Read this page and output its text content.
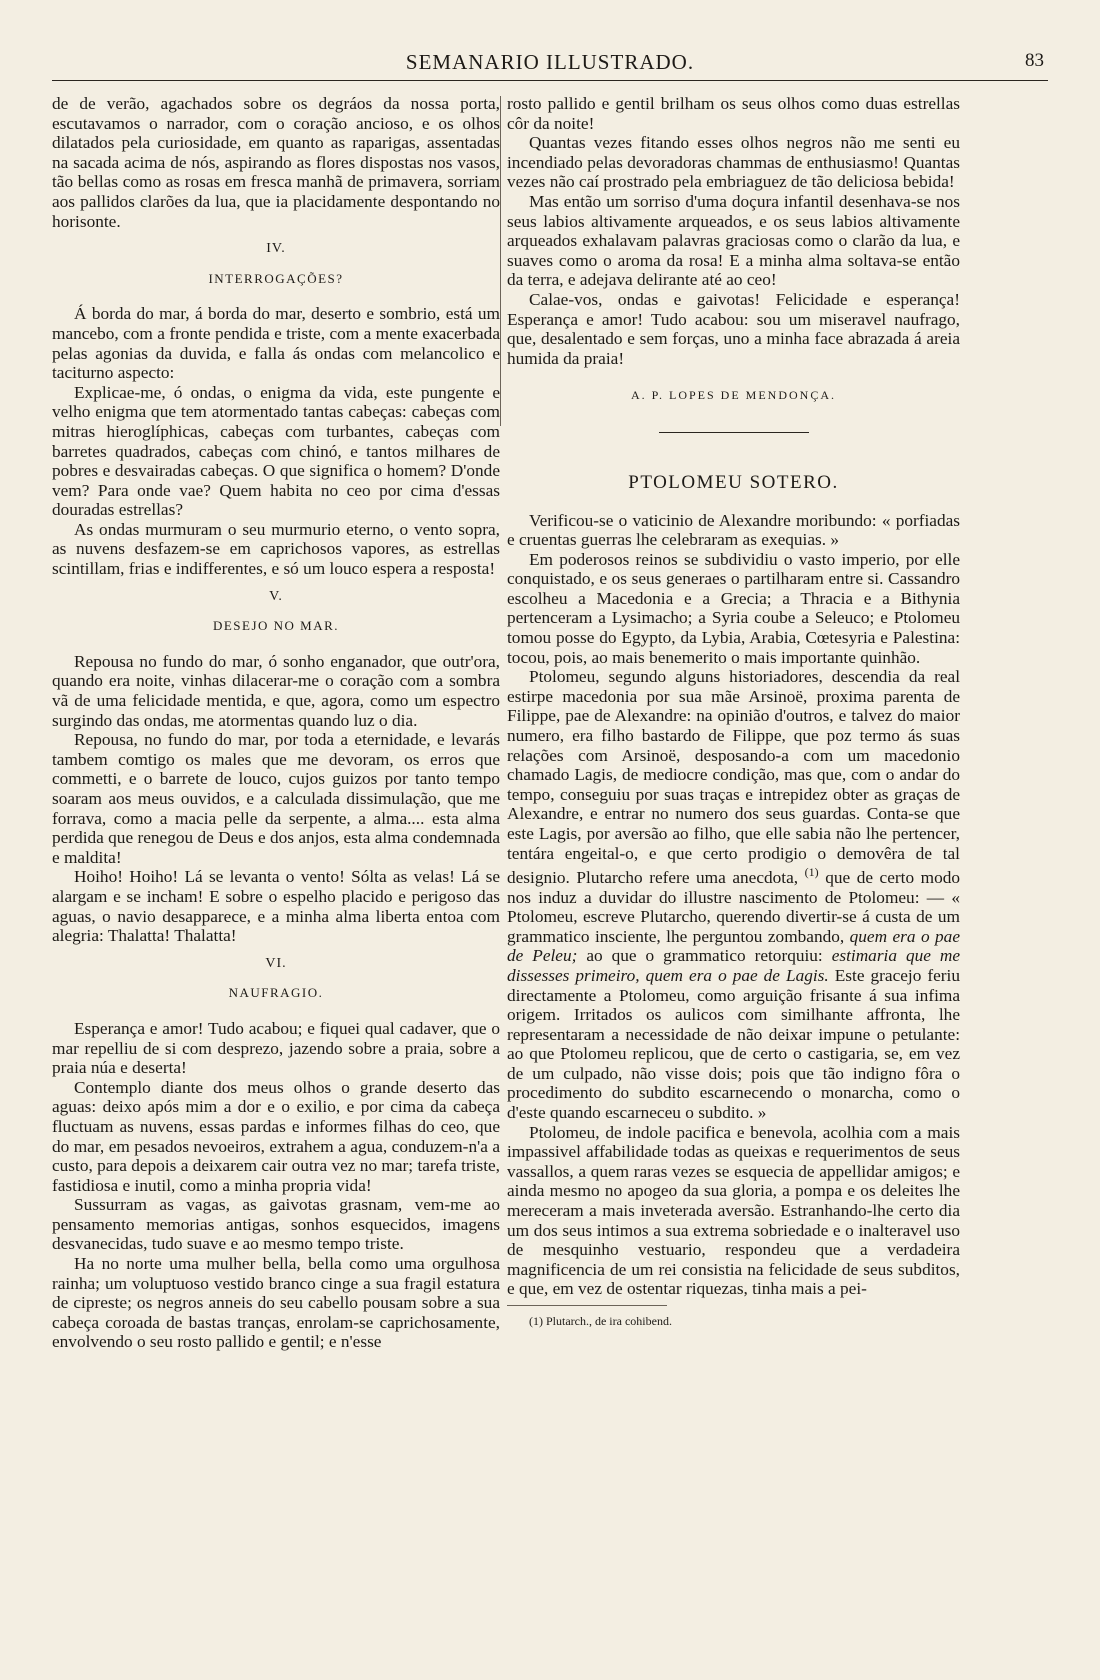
SEMANARIO ILLUSTRADO.	83

de de verão, agachados sobre os degráos da nossa porta, escutavamos o narrador, com o coração ancioso, e os olhos dilatados pela curiosidade, em quanto as raparigas, assentadas na sacada acima de nós, aspirando as flores dispostas nos vasos, tão bellas como as rosas em fresca manhã de primavera, sorriam aos pallidos clarões da lua, que ia placidamente despontando no horisonte.

IV.
INTERROGAÇÕES?

Á borda do mar, á borda do mar, deserto e sombrio, está um mancebo, com a fronte pendida e triste, com a mente exacerbada pelas agonias da duvida, e falla ás ondas com melancolico e taciturno aspecto:

Explicae-me, ó ondas, o enigma da vida, este pungente e velho enigma que tem atormentado tantas cabeças: cabeças com mitras hieroglíphicas, cabeças com turbantes, cabeças com barretes quadrados, cabeças com chinó, e tantos milhares de pobres e desvairadas cabeças. O que significa o homem? D'onde vem? Para onde vae? Quem habita no ceo por cima d'essas douradas estrellas?

As ondas murmuram o seu murmurio eterno, o vento sopra, as nuvens desfazem-se em caprichosos vapores, as estrellas scintillam, frias e indifferentes, e só um louco espera a resposta!

V.
DESEJO NO MAR.

Repousa no fundo do mar, ó sonho enganador, que outr'ora, quando era noite, vinhas dilacerar-me o coração com a sombra vã de uma felicidade mentida, e que, agora, como um espectro surgindo das ondas, me atormentas quando luz o dia.

Repousa, no fundo do mar, por toda a eternidade, e levarás tambem comtigo os males que me devoram, os erros que commetti, e o barrete de louco, cujos guizos por tanto tempo soaram aos meus ouvidos, e a calculada dissimulação, que me forrava, como a macia pelle da serpente, a alma.... esta alma perdida que renegou de Deus e dos anjos, esta alma condemnada e maldita!

Hoiho! Hoiho! Lá se levanta o vento! Sólta as velas! Lá se alargam e se incham! E sobre o espelho placido e perigoso das aguas, o navio desapparece, e a minha alma liberta entoa com alegria: Thalatta! Thalatta!

VI.
NAUFRAGIO.

Esperança e amor! Tudo acabou; e fiquei qual cadaver, que o mar repelliu de si com desprezo, jazendo sobre a praia, sobre a praia núa e deserta!

Contemplo diante dos meus olhos o grande deserto das aguas: deixo após mim a dor e o exilio, e por cima da cabeça fluctuam as nuvens, essas pardas e informes filhas do ceo, que do mar, em pesados nevoeiros, extrahem a agua, conduzem-n'a a custo, para depois a deixarem cair outra vez no mar; tarefa triste, fastidiosa e inutil, como a minha propria vida!

Sussurram as vagas, as gaivotas grasnam, vem-me ao pensamento memorias antigas, sonhos esquecidos, imagens desvanecidas, tudo suave e ao mesmo tempo triste.

Ha no norte uma mulher bella, bella como uma orgulhosa rainha; um voluptuoso vestido branco cinge a sua fragil estatura de cipreste; os negros anneis do seu cabello pousam sobre a sua cabeça coroada de bastas tranças, enrolam-se caprichosamente, envolvendo o seu rosto pallido e gentil; e n'esse

rosto pallido e gentil brilham os seus olhos como duas estrellas côr da noite!

Quantas vezes fitando esses olhos negros não me senti eu incendiado pelas devoradoras chammas de enthusiasmo! Quantas vezes não caí prostrado pela embriaguez de tão deliciosa bebida!

Mas então um sorriso d'uma doçura infantil desenhava-se nos seus labios altivamente arqueados, e os seus labios altivamente arqueados exhalavam palavras graciosas como o clarão da lua, e suaves como o aroma da rosa! E a minha alma soltava-se então da terra, e adejava delirante até ao ceo!

Calae-vos, ondas e gaivotas! Felicidade e esperança! Esperança e amor! Tudo acabou: sou um miseravel naufrago, que, desalentado e sem forças, uno a minha face abrazada á areia humida da praia!

A. P. LOPES DE MENDONÇA.
PTOLOMEU SOTERO.

Verificou-se o vaticinio de Alexandre moribundo: « porfiadas e cruentas guerras lhe celebraram as exequias. »

Em poderosos reinos se subdividiu o vasto imperio, por elle conquistado, e os seus generaes o partilharam entre si. Cassandro escolheu a Macedonia e a Grecia; a Thracia e a Bithynia pertenceram a Lysimacho; a Syria coube a Seleuco; e Ptolomeu tomou posse do Egypto, da Lybia, Arabia, Cœtesyria e Palestina: tocou, pois, ao mais benemerito o mais importante quinhão.

Ptolomeu, segundo alguns historiadores, descendia da real estirpe macedonia por sua mãe Arsinoë, proxima parenta de Filippe, pae de Alexandre: na opinião d'outros, e talvez do maior numero, era filho bastardo de Filippe, que poz termo ás suas relações com Arsinoë, desposando-a com um macedonio chamado Lagis, de mediocre condição, mas que, com o andar do tempo, conseguiu por suas traças e intrepidez obter as graças de Alexandre, e entrar no numero dos seus guardas. Conta-se que este Lagis, por aversão ao filho, que elle sabia não lhe pertencer, tentára engeital-o, e que certo prodigio o demovêra de tal designio. Plutarcho refere uma anecdota, $^{(1)}$ que de certo modo nos induz a duvidar do illustre nascimento de Ptolomeu: — « Ptolomeu, escreve Plutarcho, querendo divertir-se á custa de um grammatico insciente, lhe perguntou zombando, quem era o pae de Peleu; ao que o grammatico retorquiu: estimaria que me dissesses primeiro, quem era o pae de Lagis. Este gracejo feriu directamente a Ptolomeu, como arguição frisante á sua infima origem. Irritados os aulicos com similhante affronta, lhe representaram a necessidade de não deixar impune o petulante: ao que Ptolomeu replicou, que de certo o castigaria, se, em vez de um culpado, não visse dois; pois que tão indigno fôra o procedimento do subdito escarnecendo o monarcha, como o d'este quando escarneceu o subdito. »

Ptolomeu, de indole pacifica e benevola, acolhia com a mais impassivel affabilidade todas as queixas e requerimentos de seus vassallos, a quem raras vezes se esquecia de appellidar amigos; e ainda mesmo no apogeo da sua gloria, a pompa e os deleites lhe mereceram a mais inveterada aversão. Estranhando-lhe certo dia um dos seus intimos a sua extrema sobriedade e o inalteravel uso de mesquinho vestuario, respondeu que a verdadeira magnificencia de um rei consistia na felicidade de seus subditos, e que, em vez de ostentar riquezas, tinha mais a pei-

(1) Plutarch., de ira cohibend.
